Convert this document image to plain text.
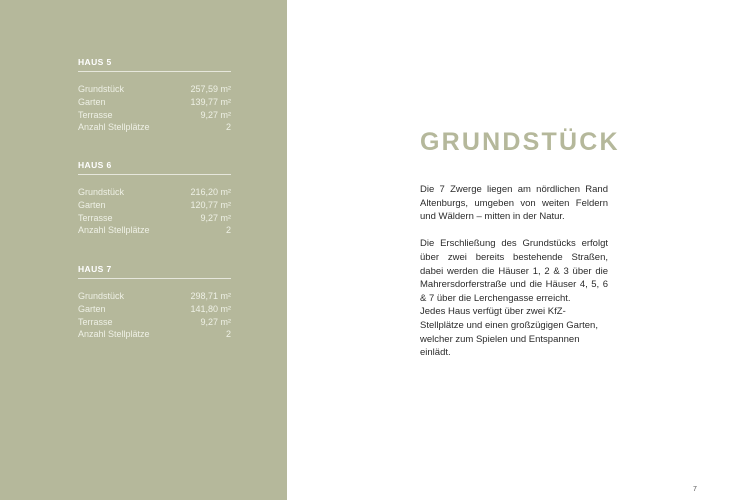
HAUS 5
Grundstück	257,59 m²
Garten	139,77 m²
Terrasse	9,27 m²
Anzahl Stellplätze	2
HAUS 6
Grundstück	216,20 m²
Garten	120,77 m²
Terrasse	9,27 m²
Anzahl Stellplätze	2
HAUS 7
Grundstück	298,71 m²
Garten	141,80 m²
Terrasse	9,27 m²
Anzahl Stellplätze	2
GRUNDSTÜCK

Die 7 Zwerge liegen am nördlichen Rand Altenburgs, umgeben von weiten Feldern und Wäldern – mitten in der Natur.

Die Erschließung des Grundstücks erfolgt über zwei bereits bestehende Straßen, dabei werden die Häuser 1, 2 & 3 über die Mahrersdorferstraße und die Häuser 4, 5, 6 & 7 über die Lerchengasse erreicht.

Jedes Haus verfügt über zwei KfZ-Stellplätze und einen großzügigen Garten, welcher zum Spielen und Entspannen einlädt.

7
